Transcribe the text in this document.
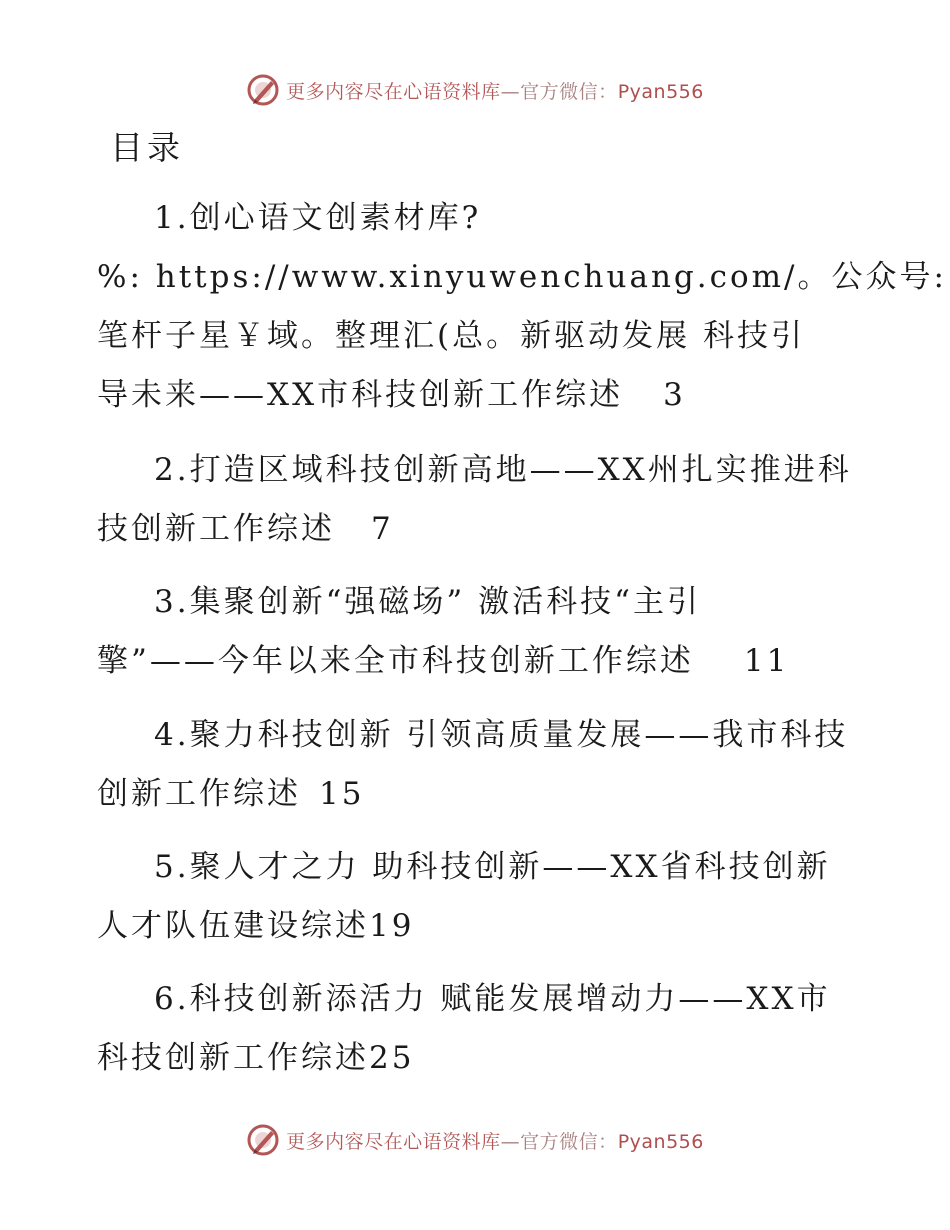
更多内容尽在心语资料库—官方微信：Pyan556
目录
1.创心语文创素材库?
%: https://www.xinyuwenchuang.com/。公众号:
笔杆子星￥域。整理汇(总。新驱动发展 科技引
导未来——XX市科技创新工作综述 3
2.打造区域科技创新高地——XX州扎实推进科
技创新工作综述 7
3.集聚创新“强磁场” 激活科技“主引
擎”——今年以来全市科技创新工作综述 11
4.聚力科技创新 引领高质量发展——我市科技
创新工作综述 15
5.聚人才之力 助科技创新——XX省科技创新
人才队伍建设综述19
6.科技创新添活力 赋能发展增动力——XX市
科技创新工作综述25
更多内容尽在心语资料库—官方微信：Pyan556
